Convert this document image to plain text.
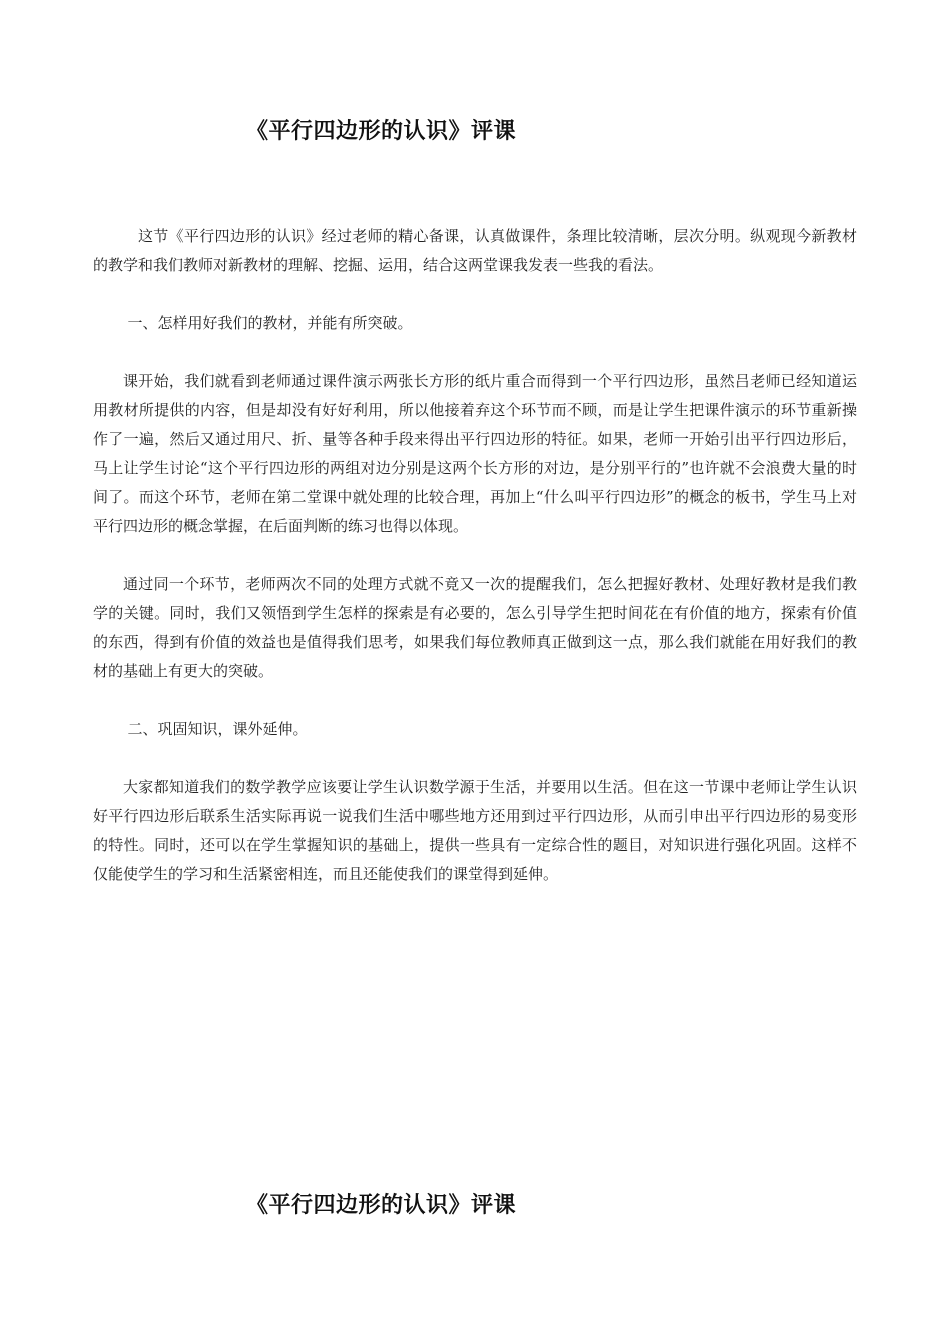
《平行四边形的认识》评课

这节《平行四边形的认识》经过老师的精心备课，认真做课件，条理比较清晰，层次分明。纵观现今新教材的教学和我们教师对新教材的理解、挖掘、运用，结合这两堂课我发表一些我的看法。

一、怎样用好我们的教材，并能有所突破。

课开始，我们就看到老师通过课件演示两张长方形的纸片重合而得到一个平行四边形，虽然吕老师已经知道运用教材所提供的内容，但是却没有好好利用，所以他接着弃这个环节而不顾，而是让学生把课件演示的环节重新操作了一遍，然后又通过用尺、折、量等各种手段来得出平行四边形的特征。如果，老师一开始引出平行四边形后，马上让学生讨论“这个平行四边形的两组对边分别是这两个长方形的对边，是分别平行的”也许就不会浪费大量的时间了。而这个环节，老师在第二堂课中就处理的比较合理，再加上“什么叫平行四边形”的概念的板书，学生马上对平行四边形的概念掌握，在后面判断的练习也得以体现。

通过同一个环节，老师两次不同的处理方式就不竟又一次的提醒我们，怎么把握好教材、处理好教材是我们教学的关键。同时，我们又领悟到学生怎样的探索是有必要的，怎么引导学生把时间花在有价值的地方，探索有价值的东西，得到有价值的效益也是值得我们思考，如果我们每位教师真正做到这一点，那么我们就能在用好我们的教材的基础上有更大的突破。

二、巩固知识，课外延伸。

大家都知道我们的数学教学应该要让学生认识数学源于生活，并要用以生活。但在这一节课中老师让学生认识好平行四边形后联系生活实际再说一说我们生活中哪些地方还用到过平行四边形，从而引申出平行四边形的易变形的特性。同时，还可以在学生掌握知识的基础上，提供一些具有一定综合性的题目，对知识进行强化巩固。这样不仅能使学生的学习和生活紧密相连，而且还能使我们的课堂得到延伸。

《平行四边形的认识》评课
